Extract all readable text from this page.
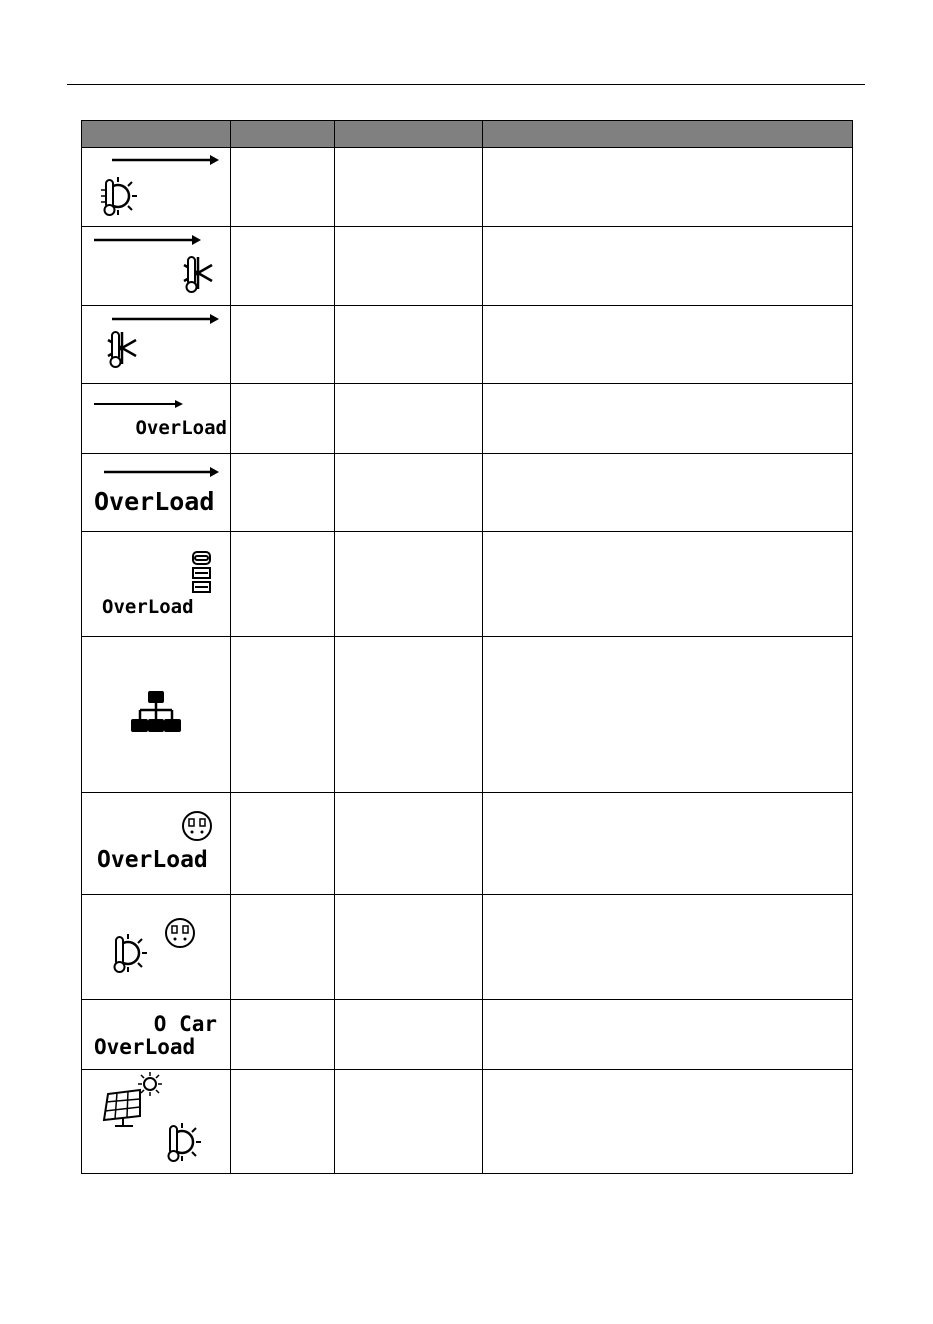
OverLoad			

OverLoad			

OverLoad			

OverLoad			

O Car
OverLoad			
